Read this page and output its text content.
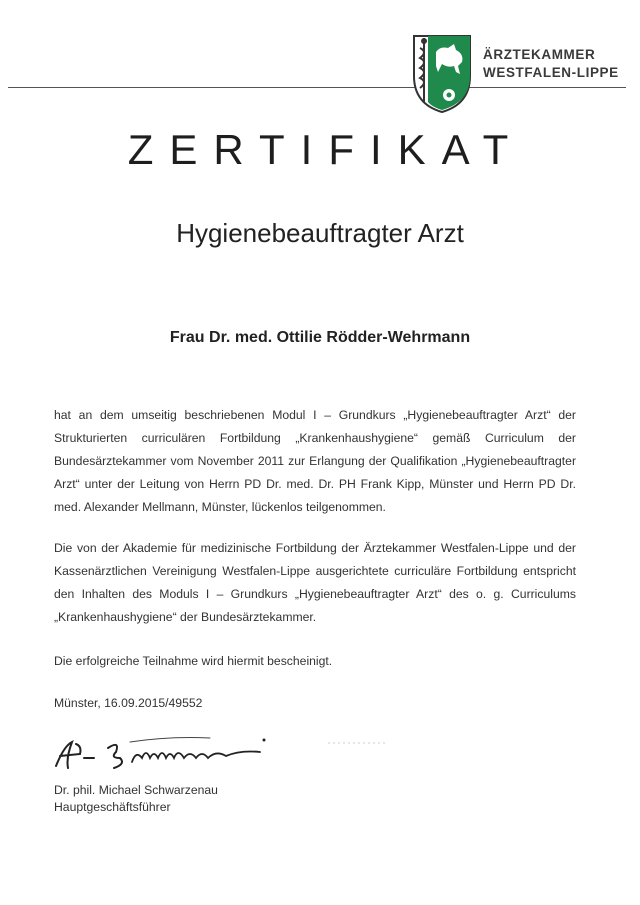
ÄRZTEKAMMER
WESTFALEN-LIPPE
ZERTIFIKAT
Hygienebeauftragter Arzt
Frau Dr. med. Ottilie Rödder-Wehrmann
hat an dem umseitig beschriebenen Modul I – Grundkurs „Hygienebeauftragter Arzt“ der Strukturierten curriculären Fortbildung „Krankenhaushygiene“ gemäß Curriculum der Bundesärztekammer vom November 2011 zur Erlangung der Qualifikation „Hygienebeauftragter Arzt“ unter der Leitung von Herrn PD Dr. med. Dr. PH Frank Kipp, Münster und Herrn PD Dr. med. Alexander Mellmann, Münster, lückenlos teilgenommen.
Die von der Akademie für medizinische Fortbildung der Ärztekammer Westfalen-Lippe und der Kassenärztlichen Vereinigung Westfalen-Lippe ausgerichtete curriculäre Fortbildung entspricht den Inhalten des Moduls I – Grundkurs „Hygienebeauftragter Arzt“ des o. g. Curriculums „Krankenhaushygiene“ der Bundesärztekammer.
Die erfolgreiche Teilnahme wird hiermit bescheinigt.
Münster, 16.09.2015/49552
Dr. phil. Michael Schwarzenau
Hauptgeschäftsführer
